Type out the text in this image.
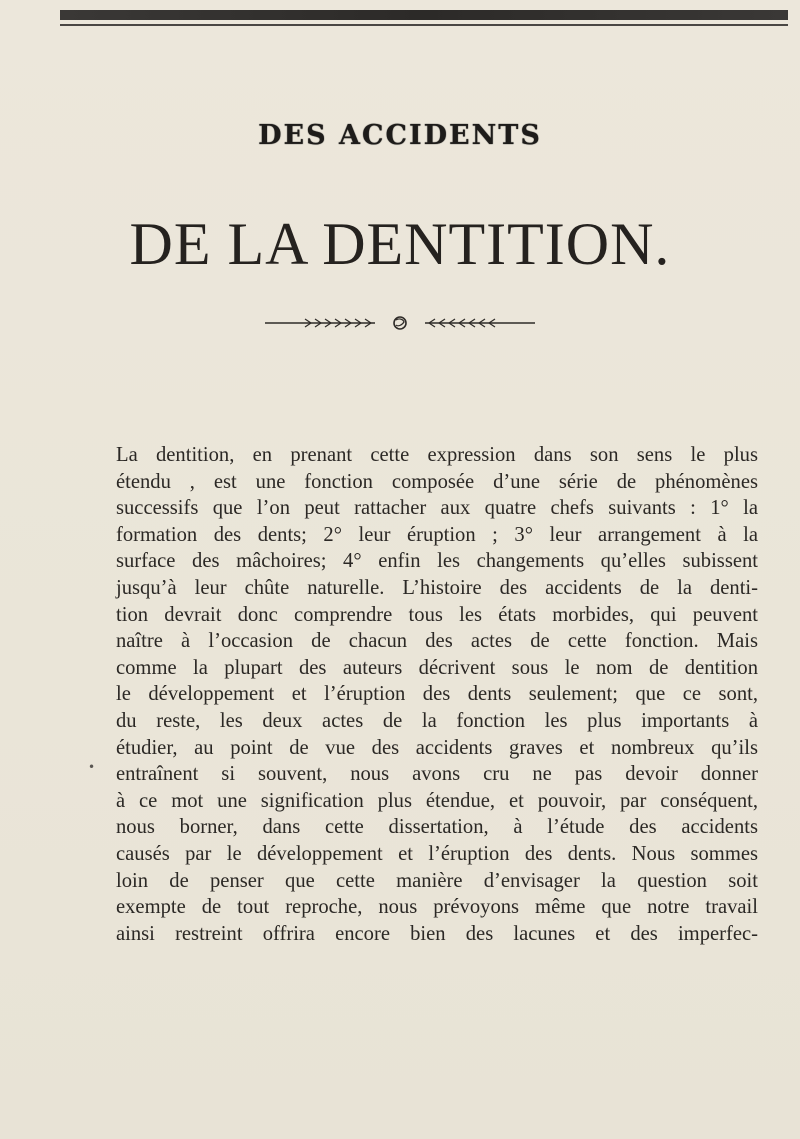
DES ACCIDENTS
DE LA DENTITION.
•
La dentition, en prenant cette expression dans son sens le plus
étendu , est une fonction composée d’une série de phénomènes
successifs que l’on peut rattacher aux quatre chefs suivants : 1° la
formation des dents; 2° leur éruption ; 3° leur arrangement à la
surface des mâchoires; 4° enfin les changements qu’elles subissent
jusqu’à leur chûte naturelle. L’histoire des accidents de la denti-
tion devrait donc comprendre tous les états morbides, qui peuvent
naître à l’occasion de chacun des actes de cette fonction. Mais
comme la plupart des auteurs décrivent sous le nom de dentition
le développement et l’éruption des dents seulement; que ce sont,
du reste, les deux actes de la fonction les plus importants à
étudier, au point de vue des accidents graves et nombreux qu’ils
entraînent si souvent, nous avons cru ne pas devoir donner
à ce mot une signification plus étendue, et pouvoir, par conséquent,
nous borner, dans cette dissertation, à l’étude des accidents
causés par le développement et l’éruption des dents. Nous sommes
loin de penser que cette manière d’envisager la question soit
exempte de tout reproche, nous prévoyons même que notre travail
ainsi restreint offrira encore bien des lacunes et des imperfec-
